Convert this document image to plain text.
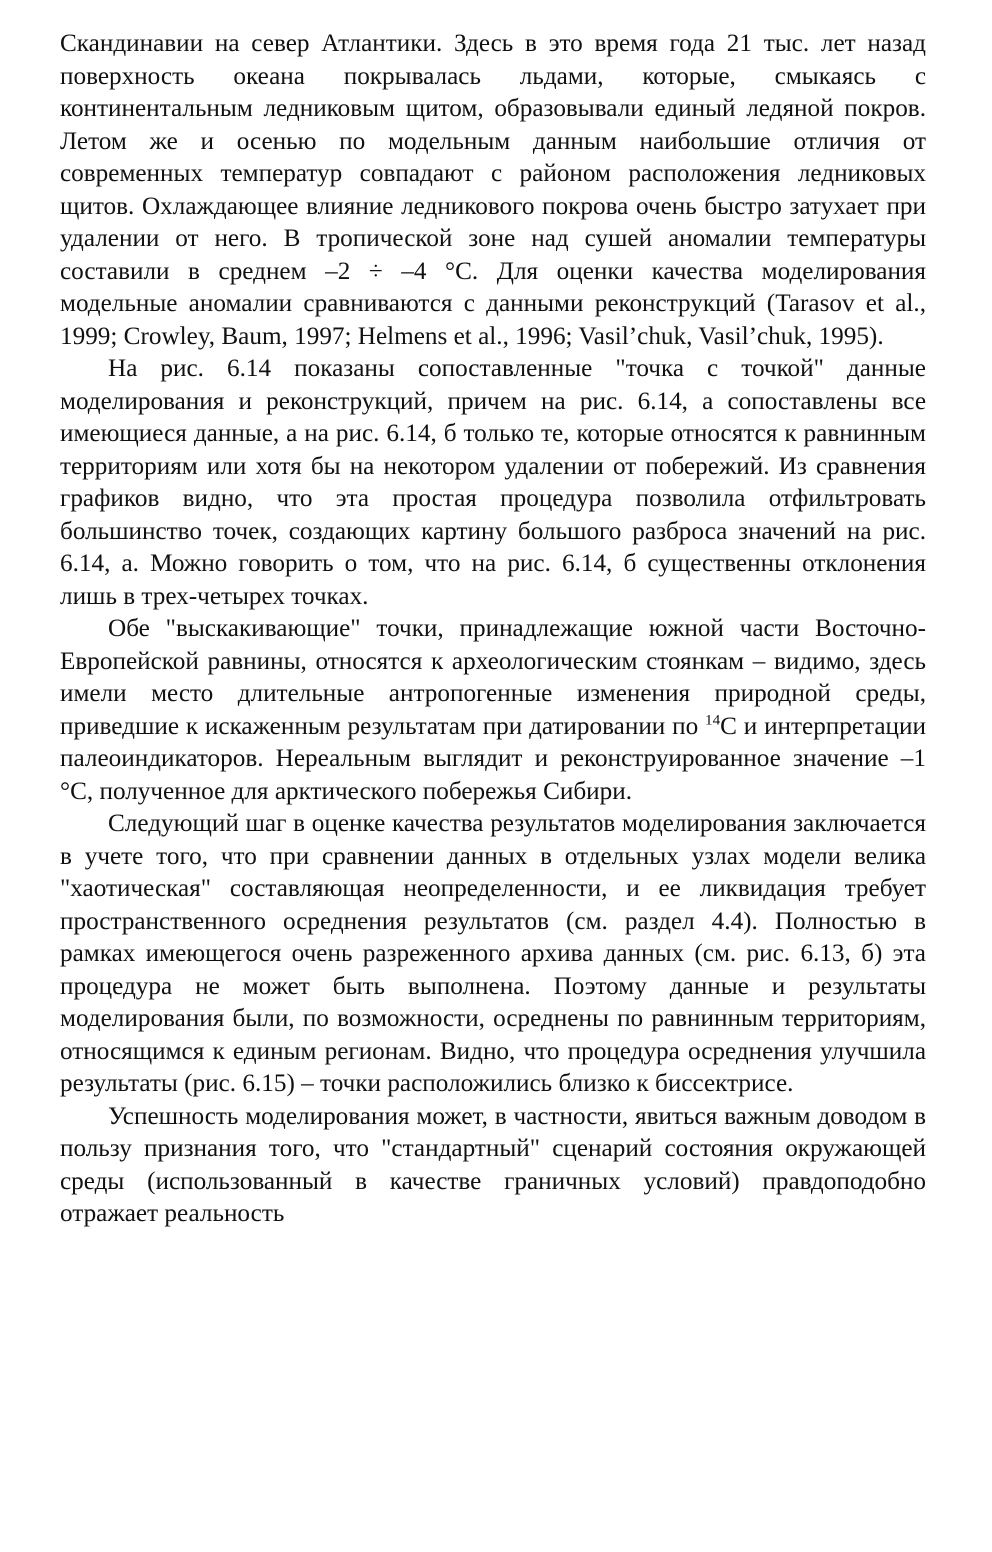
Скандинавии на север Атлантики. Здесь в это время года 21 тыс. лет назад поверхность океана покрывалась льдами, которые, смыкаясь с континентальным ледниковым щитом, образовывали единый ледяной покров. Летом же и осенью по модельным данным наибольшие отличия от современных температур совпадают с районом расположения ледниковых щитов. Охлаждающее влияние ледникового покрова очень быстро затухает при удалении от него. В тропической зоне над сушей аномалии температуры составили в среднем –2 ÷ –4 °С. Для оценки качества моделирования модельные аномалии сравниваются с данными реконструкций (Tarasov et al., 1999; Crowley, Baum, 1997; Helmens et al., 1996; Vasil’chuk, Vasil’chuk, 1995).

На рис. 6.14 показаны сопоставленные "точка с точкой" данные моделирования и реконструкций, причем на рис. 6.14, а сопоставлены все имеющиеся данные, а на рис. 6.14, б только те, которые относятся к равнинным территориям или хотя бы на некотором удалении от побережий. Из сравнения графиков видно, что эта простая процедура позволила отфильтровать большинство точек, создающих картину большого разброса значений на рис. 6.14, а. Можно говорить о том, что на рис. 6.14, б существенны отклонения лишь в трех-четырех точках.

Обе "выскакивающие" точки, принадлежащие южной части Восточно-Европейской равнины, относятся к археологическим стоянкам – видимо, здесь имели место длительные антропогенные изменения природной среды, приведшие к искаженным результатам при датировании по $^{14}$С и интерпретации палеоиндикаторов. Нереальным выглядит и реконструированное значение –1 °С, полученное для арктического побережья Сибири.

Следующий шаг в оценке качества результатов моделирования заключается в учете того, что при сравнении данных в отдельных узлах модели велика "хаотическая" составляющая неопределенности, и ее ликвидация требует пространственного осреднения результатов (см. раздел 4.4). Полностью в рамках имеющегося очень разреженного архива данных (см. рис. 6.13, б) эта процедура не может быть выполнена. Поэтому данные и результаты моделирования были, по возможности, осреднены по равнинным территориям, относящимся к единым регионам. Видно, что процедура осреднения улучшила результаты (рис. 6.15) – точки расположились близко к биссектрисе.

Успешность моделирования может, в частности, явиться важным доводом в пользу признания того, что "стандартный" сценарий состояния окружающей среды (использованный в качестве граничных условий) правдоподобно отражает реальность
